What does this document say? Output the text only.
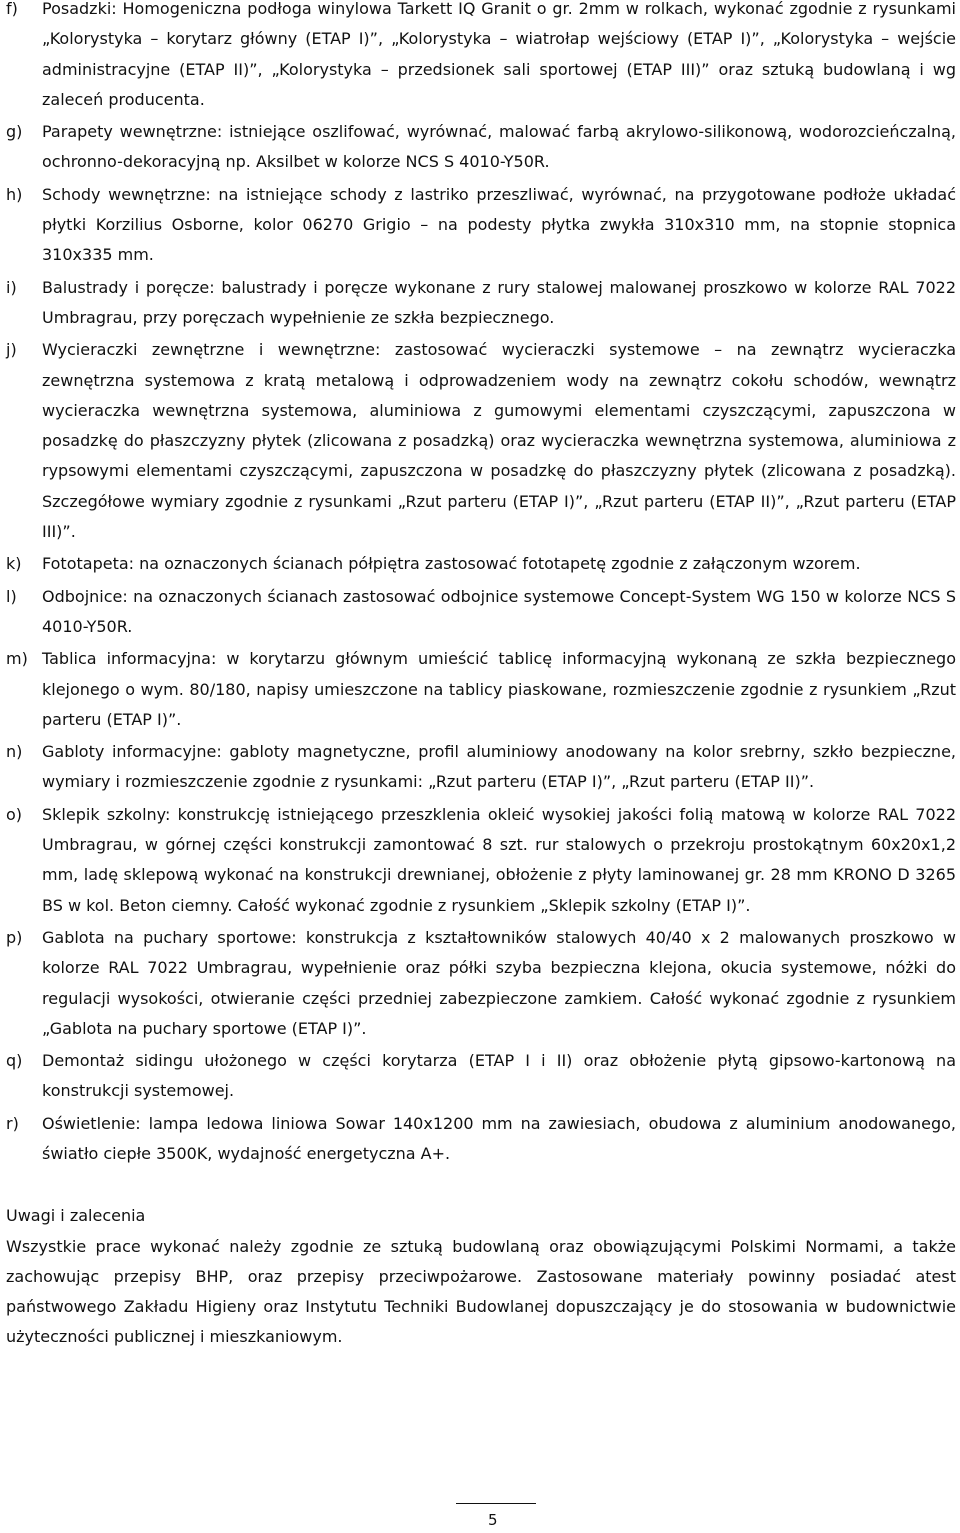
f)	Posadzki: Homogeniczna podłoga winylowa Tarkett IQ Granit o gr. 2mm w rolkach, wykonać zgodnie z rysunkami „Kolorystyka – korytarz główny (ETAP I)”, „Kolorystyka – wiatrołap wejściowy (ETAP I)”, „Kolorystyka – wejście administracyjne (ETAP II)”, „Kolorystyka – przedsionek sali sportowej (ETAP III)” oraz sztuką budowlaną i wg zaleceń producenta.
g)	Parapety wewnętrzne: istniejące oszlifować, wyrównać, malować farbą akrylowo-silikonową, wodorozcieńczalną, ochronno-dekoracyjną np. Aksilbet w kolorze NCS S 4010-Y50R.
h)	Schody wewnętrzne: na istniejące schody z lastriko przeszliwać, wyrównać, na przygotowane podłoże układać płytki Korzilius Osborne, kolor 06270 Grigio – na podesty płytka zwykła 310x310 mm, na stopnie stopnica 310x335 mm.
i)	Balustrady i poręcze: balustrady i poręcze wykonane z rury stalowej malowanej proszkowo w kolorze RAL 7022 Umbragrau, przy poręczach wypełnienie ze szkła bezpiecznego.
j)	Wycieraczki zewnętrzne i wewnętrzne: zastosować wycieraczki systemowe – na zewnątrz wycieraczka zewnętrzna systemowa z kratą metalową i odprowadzeniem wody na zewnątrz cokołu schodów, wewnątrz wycieraczka wewnętrzna systemowa, aluminiowa z gumowymi elementami czyszczącymi, zapuszczona w posadzkę do płaszczyzny płytek (zlicowana z posadzką) oraz wycieraczka wewnętrzna systemowa, aluminiowa z rypsowymi elementami czyszczącymi, zapuszczona w posadzkę do płaszczyzny płytek (zlicowana z posadzką). Szczegółowe wymiary zgodnie z rysunkami „Rzut parteru (ETAP I)”, „Rzut parteru (ETAP II)”, „Rzut parteru (ETAP III)”.
k)	Fototapeta: na oznaczonych ścianach półpiętra zastosować fototapetę zgodnie z załączonym wzorem.
l)	Odbojnice: na oznaczonych ścianach zastosować odbojnice systemowe Concept-System WG 150 w kolorze NCS S 4010-Y50R.
m) Tablica informacyjna: w korytarzu głównym umieścić tablicę informacyjną wykonaną ze szkła bezpiecznego klejonego o wym. 80/180, napisy umieszczone na tablicy piaskowane, rozmieszczenie zgodnie z rysunkiem „Rzut parteru (ETAP I)”.
n)	Gabloty informacyjne: gabloty magnetyczne, profil aluminiowy anodowany na kolor srebrny, szkło bezpieczne, wymiary i rozmieszczenie zgodnie z rysunkami: „Rzut parteru (ETAP I)”, „Rzut parteru (ETAP II)”.
o)	Sklepik szkolny: konstrukcję istniejącego przeszklenia okleić wysokiej jakości folią matową w kolorze RAL 7022 Umbragrau, w górnej części konstrukcji zamontować 8 szt. rur stalowych o przekroju prostokątnym 60x20x1,2 mm, ladę sklepową wykonać na konstrukcji drewnianej, obłożenie z płyty laminowanej gr. 28 mm KRONO D 3265 BS w kol. Beton ciemny. Całość wykonać zgodnie z rysunkiem „Sklepik szkolny (ETAP I)”.
p)	Gablota na puchary sportowe: konstrukcja z kształtowników stalowych 40/40 x 2 malowanych proszkowo w kolorze RAL 7022 Umbragrau, wypełnienie oraz półki szyba bezpieczna klejona, okucia systemowe, nóżki do regulacji wysokości, otwieranie części przedniej zabezpieczone zamkiem. Całość wykonać zgodnie z rysunkiem „Gablota na puchary sportowe (ETAP I)”.
q)	Demontaż sidingu ułożonego w części korytarza (ETAP I i II) oraz obłożenie płytą gipsowo-kartonową na konstrukcji systemowej.
r)	Oświetlenie: lampa ledowa liniowa Sowar 140x1200 mm na zawiesiach, obudowa z aluminium anodowanego, światło ciepłe 3500K, wydajność energetyczna A+.

Uwagi i zalecenia

Wszystkie prace wykonać należy zgodnie ze sztuką budowlaną oraz obowiązującymi Polskimi Normami, a także zachowując przepisy BHP, oraz przepisy przeciwpożarowe. Zastosowane materiały powinny posiadać atest państwowego Zakładu Higieny oraz Instytutu Techniki Budowlanej dopuszczający je do stosowania w budownictwie użyteczności publicznej i mieszkaniowym.

5
